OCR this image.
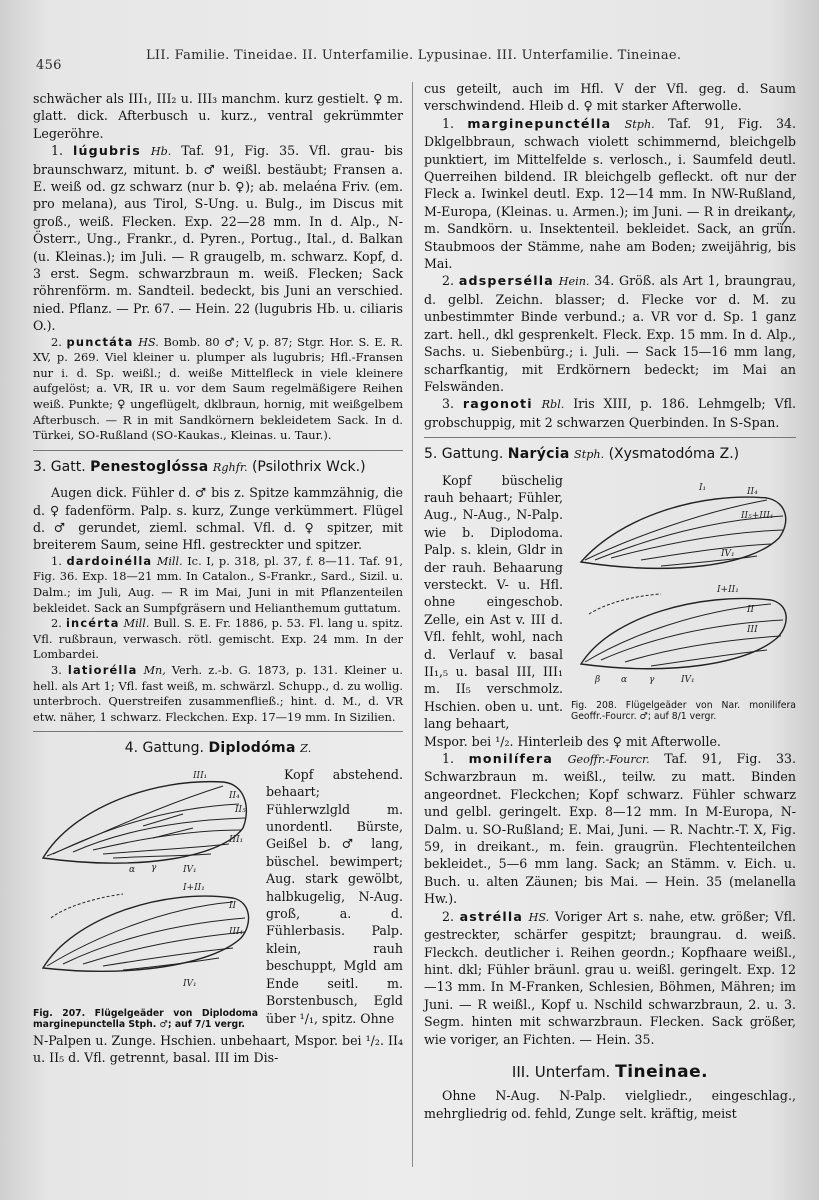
456
LII. Familie. Tineidae. II. Unterfamilie. Lypusinae. III. Unterfamilie. Tineinae.

schwächer als III₁, III₂ u. III₃ manchm. kurz gestielt. ♀ m. glatt. dick. Afterbusch u. kurz., ventral gekrümmter Legeröhre.

1. lúgubris Hb. Taf. 91, Fig. 35. Vfl. grau- bis braunschwarz, mitunt. b. ♂ weißl. bestäubt; Fransen a. E. weiß od. gz schwarz (nur b. ♀); ab. melaéna Friv. (em. pro melana), aus Tirol, S-Ung. u. Bulg., im Discus mit groß., weiß. Flecken. Exp. 22—28 mm. In d. Alp., N-Österr., Ung., Frankr., d. Pyren., Portug., Ital., d. Balkan (u. Kleinas.); im Juli. — R graugelb, m. schwarz. Kopf, d. 3 erst. Segm. schwarzbraun m. weiß. Flecken; Sack röhrenförm. m. Sandteil. bedeckt, bis Juni an verschied. nied. Pflanz. — Pr. 67. — Hein. 22 (lugubris Hb. u. ciliaris O.).

2. punctáta HS. Bomb. 80 ♂; V, p. 87; Stgr. Hor. S. E. R. XV, p. 269. Viel kleiner u. plumper als lugubris; Hfl.-Fransen nur i. d. Sp. weißl.; d. weiße Mittelfleck in viele kleinere aufgelöst; a. VR, IR u. vor dem Saum regelmäßigere Reihen weiß. Punkte; ♀ ungeflügelt, dklbraun, hornig, mit weißgelbem Afterbusch. — R in mit Sandkörnern bekleidetem Sack. In d. Türkei, SO-Rußland (SO-Kaukas., Kleinas. u. Taur.).

3. Gatt. Penestoglóssa Rghfr. (Psilothrix Wck.)

Augen dick. Fühler d. ♂ bis z. Spitze kammzähnig, die d. ♀ fadenförm. Palp. s. kurz, Zunge verkümmert. Flügel d. ♂ gerundet, zieml. schmal. Vfl. d. ♀ spitzer, mit breiterem Saum, seine Hfl. gestreckter und spitzer.

1. dardoinélla Mill. Ic. I, p. 318, pl. 37, f. 8—11. Taf. 91, Fig. 36. Exp. 18—21 mm. In Catalon., S-Frankr., Sard., Sizil. u. Dalm.; im Juli, Aug. — R im Mai, Juni in mit Pflanzenteilen bekleidet. Sack an Sumpfgräsern und Helianthemum guttatum.

2. incérta Mill. Bull. S. E. Fr. 1886, p. 53. Fl. lang u. spitz. Vfl. rußbraun, verwasch. rötl. gemischt. Exp. 24 mm. In der Lombardei.

3. latiorélla Mn, Verh. z.-b. G. 1873, p. 131. Kleiner u. hell. als Art 1; Vfl. fast weiß, m. schwärzl. Schupp., d. zu wollig. unterbroch. Querstreifen zusammenfließ.; hint. d. M., d. VR etw. näher, 1 schwarz. Fleckchen. Exp. 17—19 mm. In Sizilien.

4. Gattung. Diplodóma Z.
III₁
II₄
II₅
III₁
IV₁
α γ
I+II₁
II
III₁
IV₁
Fig. 207. Flügelgeäder von Diplodoma marginepunctella Stph. ♂; auf 7/1 vergr.

Kopf abstehend. behaart; Fühlerwzlgld m. unordentl. Bürste, Geißel b. ♂ lang, büschel. bewimpert; Aug. stark gewölbt, halbkugelig, N-Aug. groß, a. d. Fühlerbasis. Palp. klein, rauh beschuppt, Mgld am Ende seitl. m. Borstenbusch, Egld über ¹/₁, spitz. Ohne

N-Palpen u. Zunge. Hschien. unbehaart, Mspor. bei ¹/₂. II₄ u. II₅ d. Vfl. getrennt, basal. III im Dis-

cus geteilt, auch im Hfl. V der Vfl. geg. d. Saum verschwindend. Hleib d. ♀ mit starker Afterwolle.

1. marginepunctélla Stph. Taf. 91, Fig. 34. Dklgelbbraun, schwach violett schimmernd, bleichgelb punktiert, im Mittelfelde s. verlosch., i. Saumfeld deutl. Querreihen bildend. IR bleichgelb gefleckt. oft nur der Fleck a. Iwinkel deutl. Exp. 12—14 mm. In NW-Rußland, M-Europa, (Kleinas. u. Armen.); im Juni. — R in dreikant., m. Sandkörn. u. Insektenteil. bekleidet. Sack, an grün. Staubmoos der Stämme, nahe am Boden; zweijährig, bis Mai.

2. adspersélla Hein. 34. Größ. als Art 1, braungrau, d. gelbl. Zeichn. blasser; d. Flecke vor d. M. zu unbestimmter Binde verbund.; a. VR vor d. Sp. 1 ganz zart. hell., dkl gesprenkelt. Fleck. Exp. 15 mm. In d. Alp., Sachs. u. Siebenbürg.; i. Juli. — Sack 15—16 mm lang, scharfkantig, mit Erdkörnern bedeckt; im Mai an Felswänden.

3. ragonoti Rbl. Iris XIII, p. 186. Lehmgelb; Vfl. grobschuppig, mit 2 schwarzen Querbinden. In S-Span.

5. Gattung. Narýcia Stph. (Xysmatodóma Z.)
I₁	II₄
II₅+III₁
IV₁
I+II₁
II
III
β α γ	IV₁
Fig. 208. Flügelgeäder von Nar. monilifera Geoffr.-Fourcr. ♂; auf 8/1 vergr.

Kopf büschelig rauh behaart; Fühler, Aug., N-Aug., N-Palp. wie b. Diplodoma. Palp. s. klein, Gldr in der rauh. Behaarung versteckt. V- u. Hfl. ohne eingeschob. Zelle, ein Ast v. III d. Vfl. fehlt, wohl, nach d. Verlauf v. basal II₁,₅ u. basal III, III₁ m. II₅ verschmolz. Hschien. oben u. unt. lang behaart,

Mspor. bei ¹/₂. Hinterleib des ♀ mit Afterwolle.

1. monilífera Geoffr.-Fourcr. Taf. 91, Fig. 33. Schwarzbraun m. weißl., teilw. zu matt. Binden angeordnet. Fleckchen; Kopf schwarz. Fühler schwarz und gelbl. geringelt. Exp. 8—12 mm. In M-Europa, N-Dalm. u. SO-Rußland; E. Mai, Juni. — R. Nachtr.-T. X, Fig. 59, in dreikant., m. fein. graugrün. Flechtenteilchen bekleidet., 5—6 mm lang. Sack; an Stämm. v. Eich. u. Buch. u. alten Zäunen; bis Mai. — Hein. 35 (melanella Hw.).

2. astrélla HS. Voriger Art s. nahe, etw. größer; Vfl. gestreckter, schärfer gespitzt; braungrau. d. weiß. Fleckch. deutlicher i. Reihen geordn.; Kopfhaare weißl., hint. dkl; Fühler bräunl. grau u. weißl. geringelt. Exp. 12—13 mm. In M-Franken, Schlesien, Böhmen, Mähren; im Juni. — R weißl., Kopf u. Nschild schwarzbraun, 2. u. 3. Segm. hinten mit schwarzbraun. Flecken. Sack größer, wie voriger, an Fichten. — Hein. 35.

III. Unterfam. Tineinae.

Ohne N-Aug. N-Palp. vielgliedr., eingeschlag., mehrgliedrig od. fehld, Zunge selt. kräftig, meist
